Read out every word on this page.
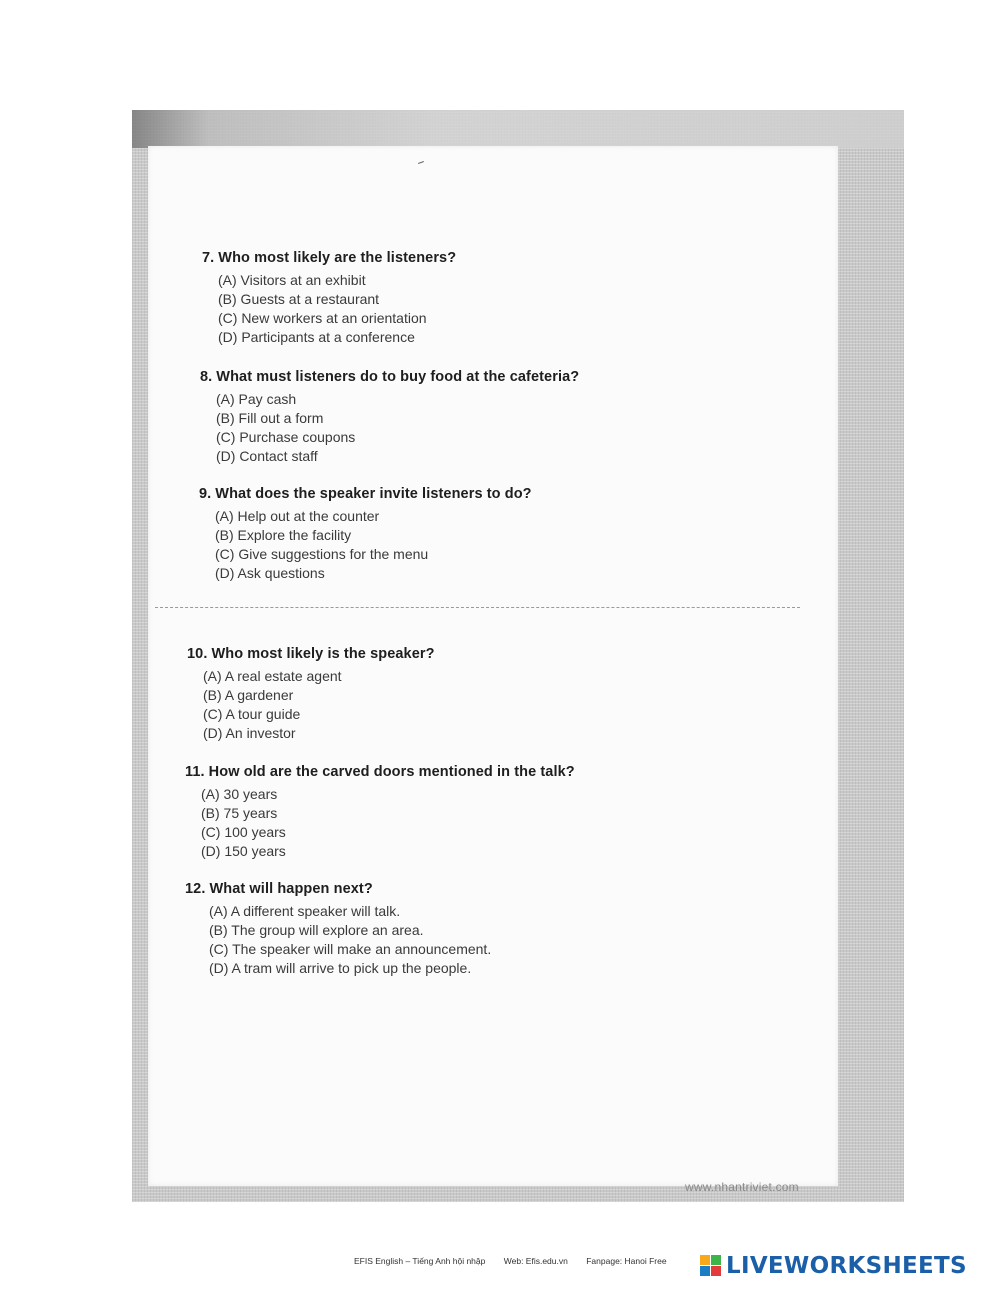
7. Who most likely are the listeners?
(A) Visitors at an exhibit
(B) Guests at a restaurant
(C) New workers at an orientation
(D) Participants at a conference
8. What must listeners do to buy food at the cafeteria?
(A) Pay cash
(B) Fill out a form
(C) Purchase coupons
(D) Contact staff
9. What does the speaker invite listeners to do?
(A) Help out at the counter
(B) Explore the facility
(C) Give suggestions for the menu
(D) Ask questions
10. Who most likely is the speaker?
(A) A real estate agent
(B) A gardener
(C) A tour guide
(D) An investor
11. How old are the carved doors mentioned in the talk?
(A) 30 years
(B) 75 years
(C) 100 years
(D) 150 years
12. What will happen next?
(A) A different speaker will talk.
(B) The group will explore an area.
(C) The speaker will make an announcement.
(D) A tram will arrive to pick up the people.
www.nhantriviet.com
EFIS English – Tiếng Anh hội nhập Web: Efis.edu.vn Fanpage: Hanoi Free	LIVEWORKSHEETS
